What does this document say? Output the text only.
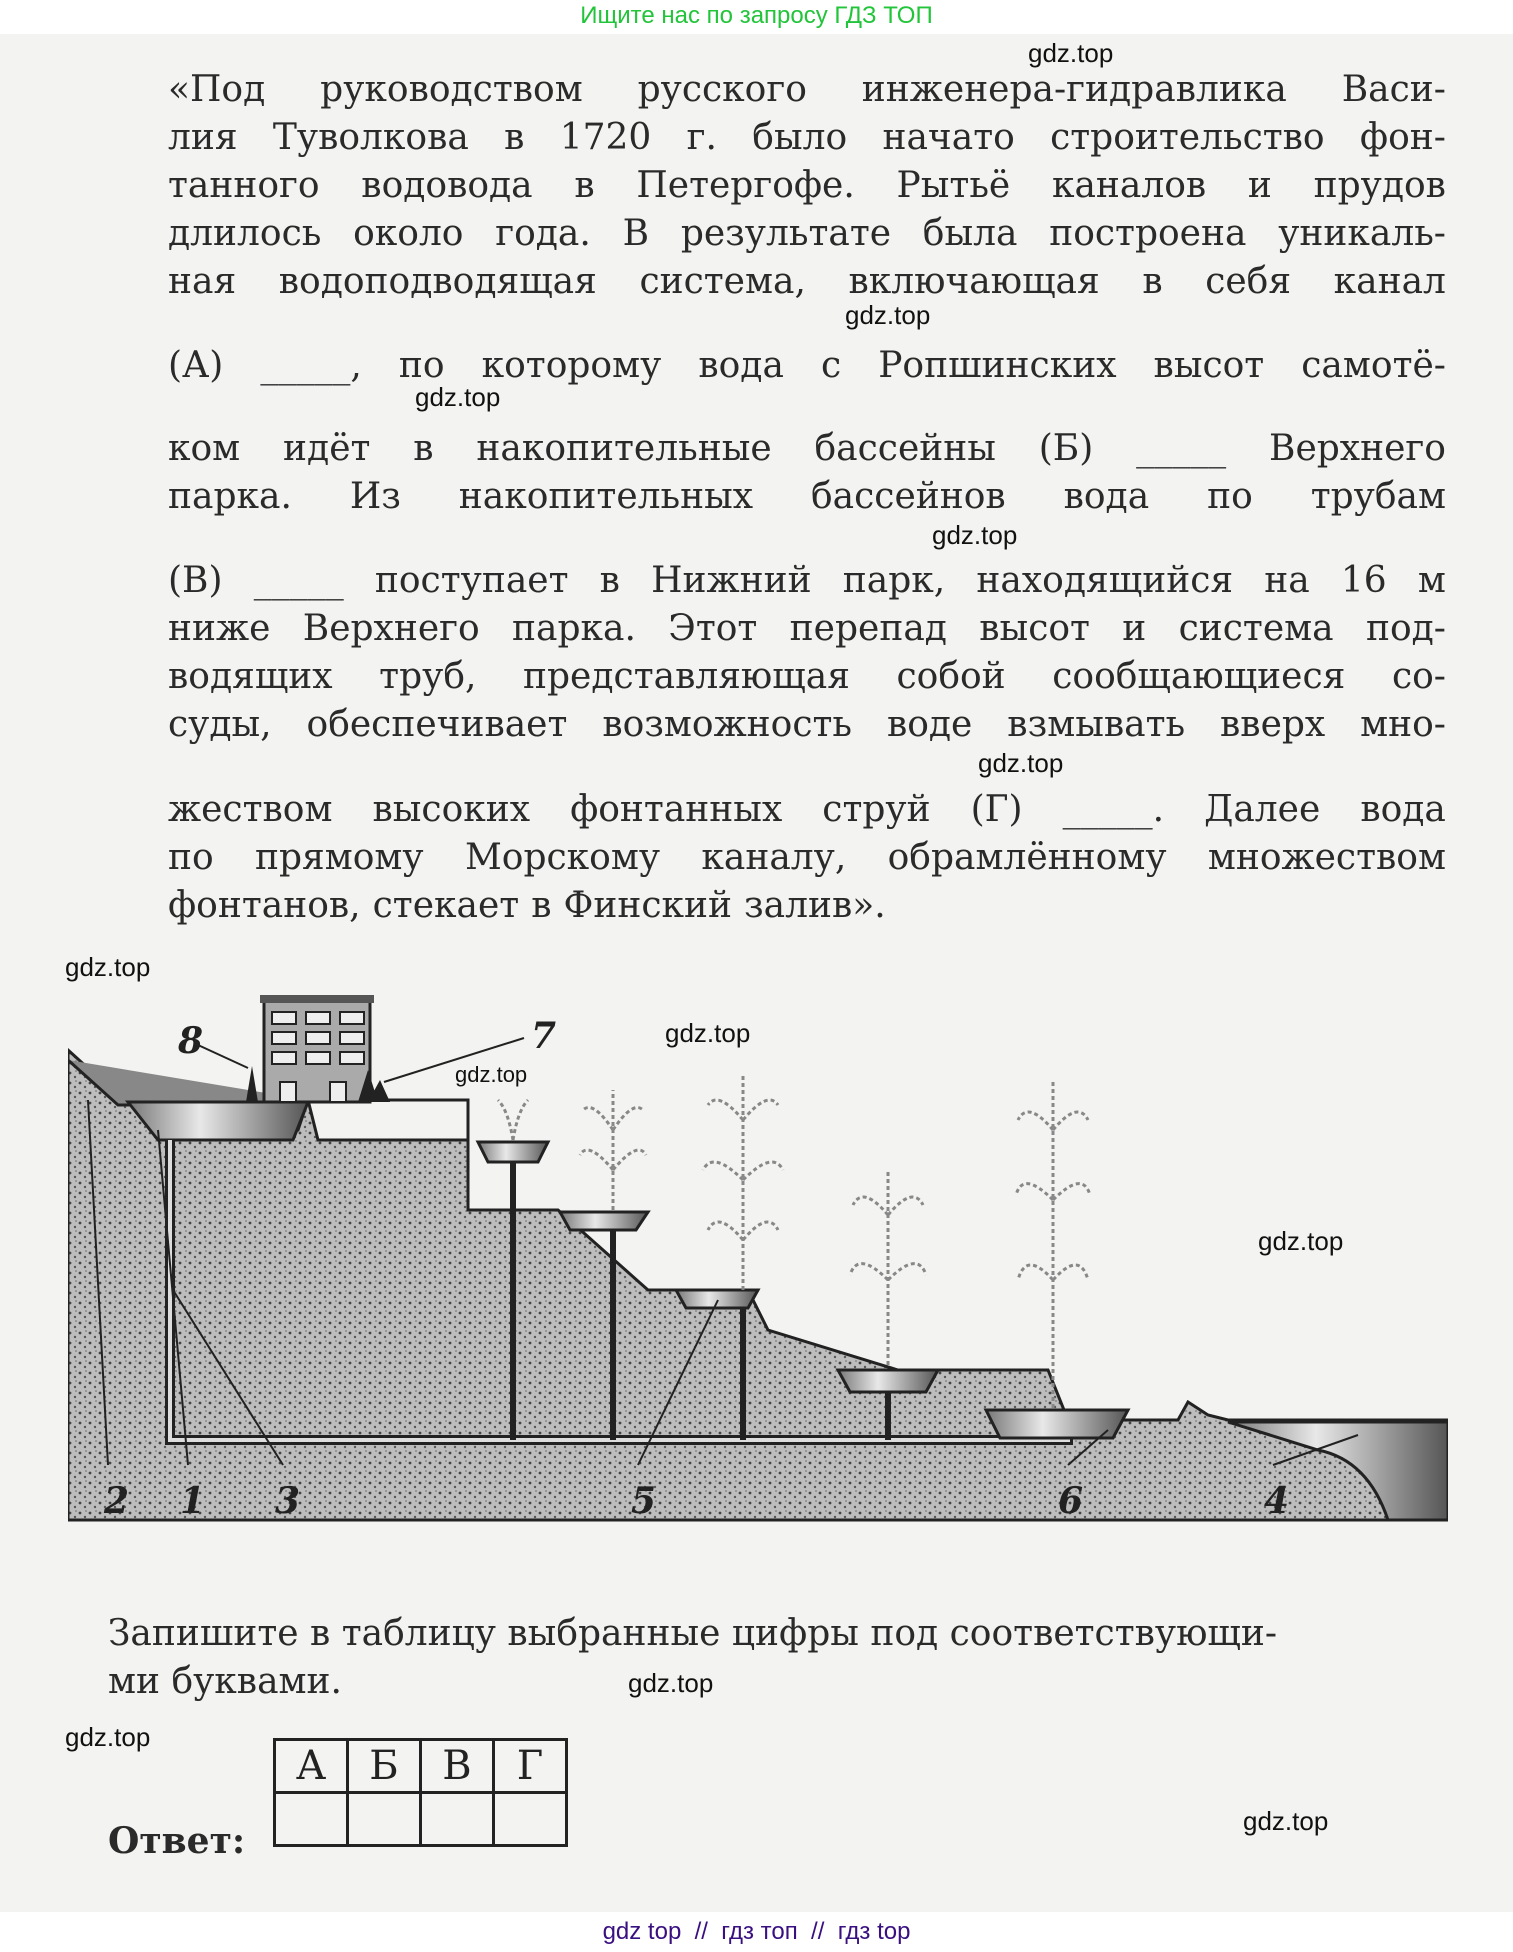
Ищите нас по запросу ГДЗ ТОП
«Под руководством русского инженера-гидравлика Васи-
лия Туволкова в 1720 г. было начато строительство фон-
танного водовода в Петергофе. Рытьё каналов и прудов
длилось около года. В результате была построена уникаль-
ная водоподводящая система, включающая в себя канал
(А) _____, по которому вода с Ропшинских высот самотё-
ком идёт в накопительные бассейны (Б) _____ Верхнего
парка. Из накопительных бассейнов вода по трубам
(В) _____ поступает в Нижний парк, находящийся на 16 м
ниже Верхнего парка. Этот перепад высот и система под-
водящих труб, представляющая собой сообщающиеся со-
суды, обеспечивает возможность воде взмывать вверх мно-
жеством высоких фонтанных струй (Г) _____. Далее вода
по прямому Морскому каналу, обрамлённому множеством
фонтанов, стекает в Финский залив».
2 1 3	5	6	4
8	7
Запишите в таблицу выбранные цифры под соответствующи-
ми буквами.
Ответ:
А	Б	В	Г

gdz.top
gdz.top
gdz.top
gdz.top
gdz.top
gdz.top
gdz.top
gdz.top
gdz.top
gdz.top
gdz.top
gdz.top
gdz top  //  гдз топ  //  гдз top
